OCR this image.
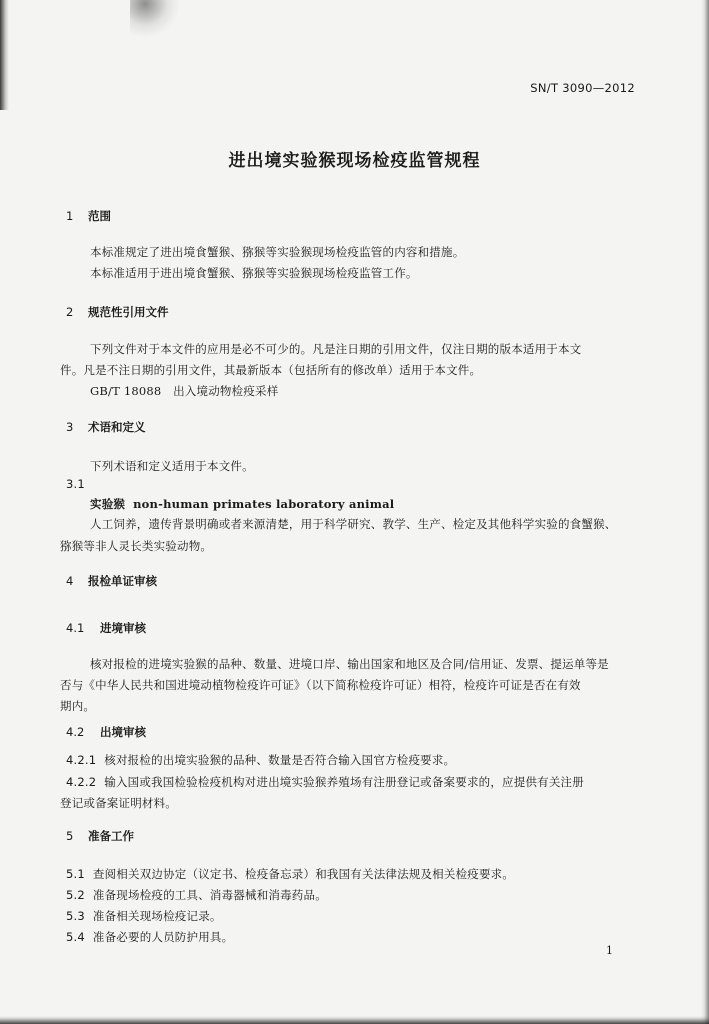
SN/T 3090—2012
进出境实验猴现场检疫监管规程
1 范围
本标准规定了进出境食蟹猴、猕猴等实验猴现场检疫监管的内容和措施。
本标准适用于进出境食蟹猴、猕猴等实验猴现场检疫监管工作。
2 规范性引用文件
下列文件对于本文件的应用是必不可少的。凡是注日期的引用文件，仅注日期的版本适用于本文
件。凡是不注日期的引用文件，其最新版本（包括所有的修改单）适用于本文件。
GB/T 18088　出入境动物检疫采样
3 术语和定义
下列术语和定义适用于本文件。
3.1
实验猴 non-human primates laboratory animal
人工饲养，遗传背景明确或者来源清楚，用于科学研究、教学、生产、检定及其他科学实验的食蟹猴、
猕猴等非人灵长类实验动物。
4 报检单证审核
4.1 进境审核
核对报检的进境实验猴的品种、数量、进境口岸、输出国家和地区及合同/信用证、发票、提运单等是
否与《中华人民共和国进境动植物检疫许可证》（以下简称检疫许可证）相符，检疫许可证是否在有效
期内。
4.2 出境审核
4.2.1 核对报检的出境实验猴的品种、数量是否符合输入国官方检疫要求。
4.2.2 输入国或我国检验检疫机构对进出境实验猴养殖场有注册登记或备案要求的，应提供有关注册
登记或备案证明材料。
5 准备工作
5.1 查阅相关双边协定（议定书、检疫备忘录）和我国有关法律法规及相关检疫要求。
5.2 准备现场检疫的工具、消毒器械和消毒药品。
5.3 准备相关现场检疫记录。
5.4 准备必要的人员防护用具。
1
